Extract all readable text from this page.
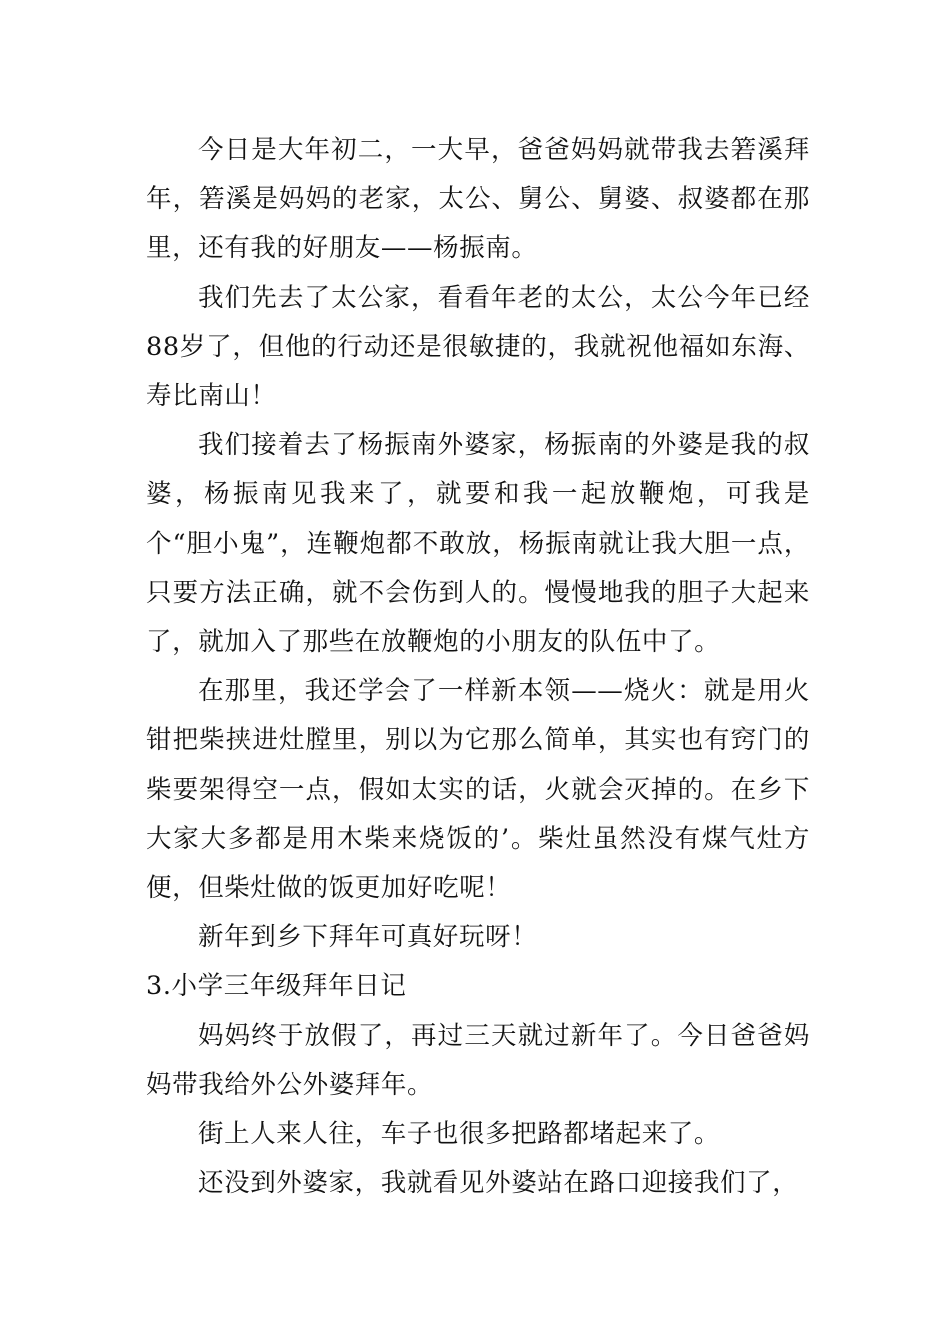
今日是大年初二，一大早，爸爸妈妈就带我去箬溪拜年，箬溪是妈妈的老家，太公、舅公、舅婆、叔婆都在那里，还有我的好朋友——杨振南。

我们先去了太公家，看看年老的太公，太公今年已经88岁了，但他的行动还是很敏捷的，我就祝他福如东海、寿比南山！

我们接着去了杨振南外婆家，杨振南的外婆是我的叔婆，杨振南见我来了，就要和我一起放鞭炮，可我是个“胆小鬼”，连鞭炮都不敢放，杨振南就让我大胆一点，只要方法正确，就不会伤到人的。慢慢地我的胆子大起来了，就加入了那些在放鞭炮的小朋友的队伍中了。

在那里，我还学会了一样新本领——烧火：就是用火钳把柴挟进灶膛里，别以为它那么简单，其实也有窍门的柴要架得空一点，假如太实的话，火就会灭掉的。在乡下大家大多都是用木柴来烧饭的’。柴灶虽然没有煤气灶方便，但柴灶做的饭更加好吃呢！

新年到乡下拜年可真好玩呀！

3.小学三年级拜年日记

妈妈终于放假了，再过三天就过新年了。今日爸爸妈妈带我给外公外婆拜年。

街上人来人往，车子也很多把路都堵起来了。

还没到外婆家，我就看见外婆站在路口迎接我们了，
